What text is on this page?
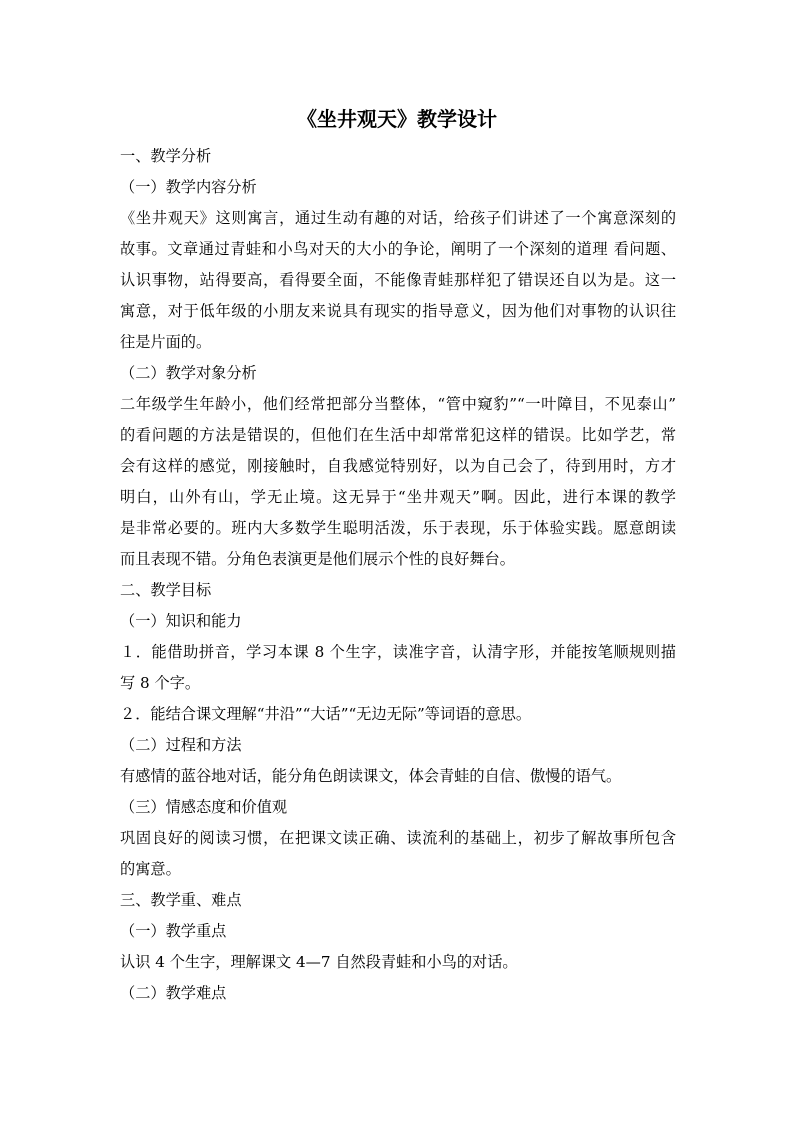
《坐井观天》教学设计
一、教学分析
（一）教学内容分析
《坐井观天》这则寓言，通过生动有趣的对话，给孩子们讲述了一个寓意深刻的
故事。文章通过青蛙和小鸟对天的大小的争论，阐明了一个深刻的道理 看问题、
认识事物，站得要高，看得要全面，不能像青蛙那样犯了错误还自以为是。这一
寓意，对于低年级的小朋友来说具有现实的指导意义，因为他们对事物的认识往
往是片面的。
（二）教学对象分析
二年级学生年龄小，他们经常把部分当整体，“管中窥豹”“一叶障目，不见泰山”
的看问题的方法是错误的，但他们在生活中却常常犯这样的错误。比如学艺，常
会有这样的感觉，刚接触时，自我感觉特别好，以为自己会了，待到用时，方才
明白，山外有山，学无止境。这无异于“坐井观天”啊。因此，进行本课的教学
是非常必要的。班内大多数学生聪明活泼，乐于表现，乐于体验实践。愿意朗读
而且表现不错。分角色表演更是他们展示个性的良好舞台。
二、教学目标
（一）知识和能力
１．能借助拼音，学习本课 8 个生字，读准字音，认清字形，并能按笔顺规则描
写 8 个字。
２．能结合课文理解“井沿”“大话”“无边无际”等词语的意思。
（二）过程和方法
有感情的蓝谷地对话，能分角色朗读课文，体会青蛙的自信、傲慢的语气。
（三）情感态度和价值观
巩固良好的阅读习惯，在把课文读正确、读流利的基础上，初步了解故事所包含
的寓意。
三、教学重、难点
（一）教学重点
认识 4 个生字，理解课文 4—7 自然段青蛙和小鸟的对话。
（二）教学难点
